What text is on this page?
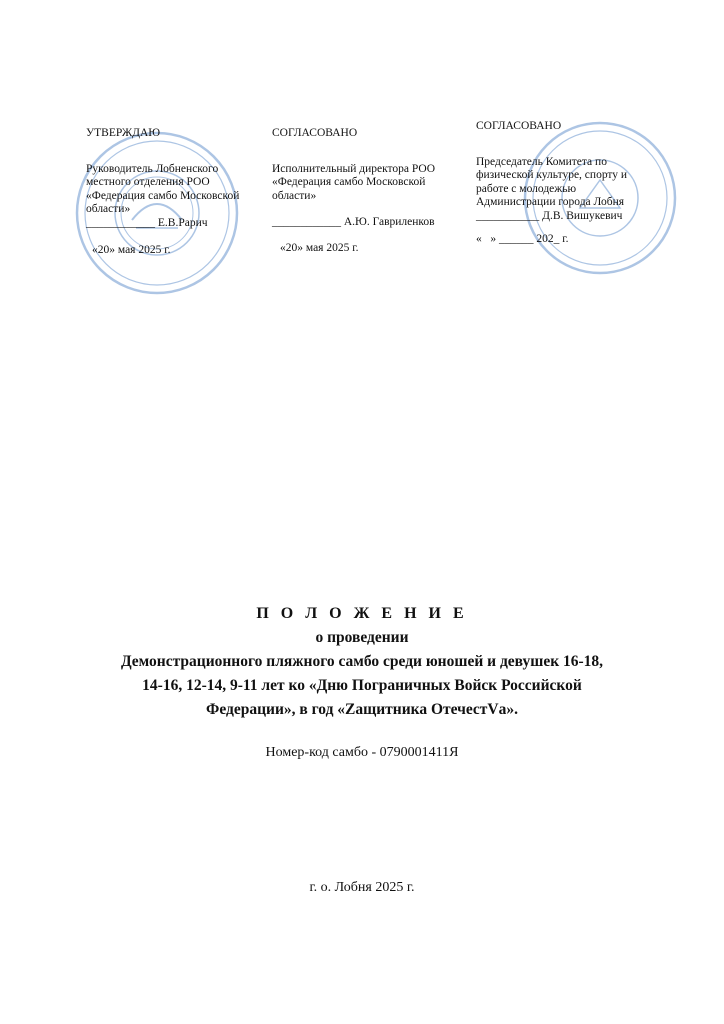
УТВЕРЖДАЮ
Руководитель Лобненского
местного отделения РОО
«Федерация самбо Московской
области»
____________ Е.В.Рарич
«20» мая 2025 г.
СОГЛАСОВАНО
Исполнительный директора РОО
«Федерация самбо Московской
области»
____________ А.Ю. Гавриленков
«20» мая 2025 г.
СОГЛАСОВАНО
Председатель Комитета по
физической культуре, спорту и
работе с молодежью
Администрации города Лобня
___________ Д.В. Вишукевич
« » ______ 202_ г.
П О Л О Ж Е Н И Е
о проведении
Демонстрационного пляжного самбо среди юношей и девушек 16-18,
14-16, 12-14, 9-11 лет ко «Дню Пограничных Войск Российской
Федерации», в год «Zащитника ОтечестVа».
Номер-код самбо - 0790001411Я
г. о. Лобня 2025 г.
